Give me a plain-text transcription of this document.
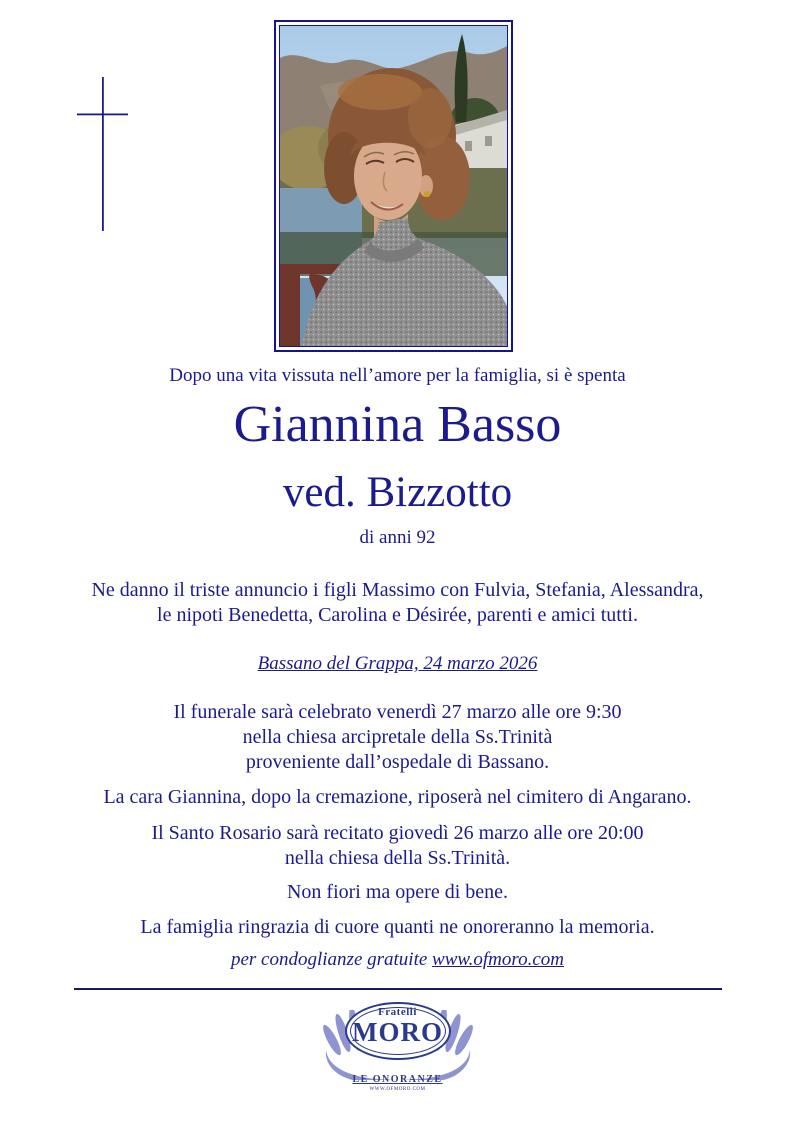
Dopo una vita vissuta nell’amore per la famiglia, si è spenta

Giannina Basso
ved. Bizzotto

di anni 92

Ne danno il triste annuncio i figli Massimo con Fulvia, Stefania, Alessandra,
le nipoti Benedetta, Carolina e Désirée, parenti e amici tutti.

Bassano del Grappa, 24 marzo 2026

Il funerale sarà celebrato venerdì 27 marzo alle ore 9:30
nella chiesa arcipretale della Ss.Trinità
proveniente dall’ospedale di Bassano.

La cara Giannina, dopo la cremazione, riposerà nel cimitero di Angarano.

Il Santo Rosario sarà recitato giovedì 26 marzo alle ore 20:00
nella chiesa della Ss.Trinità.

Non fiori ma opere di bene.

La famiglia ringrazia di cuore quanti ne onoreranno la memoria.

per condoglianze gratuite www.ofmoro.com

Fratelli
MORO
LE ONORANZE
WWW.OFMORO.COM
